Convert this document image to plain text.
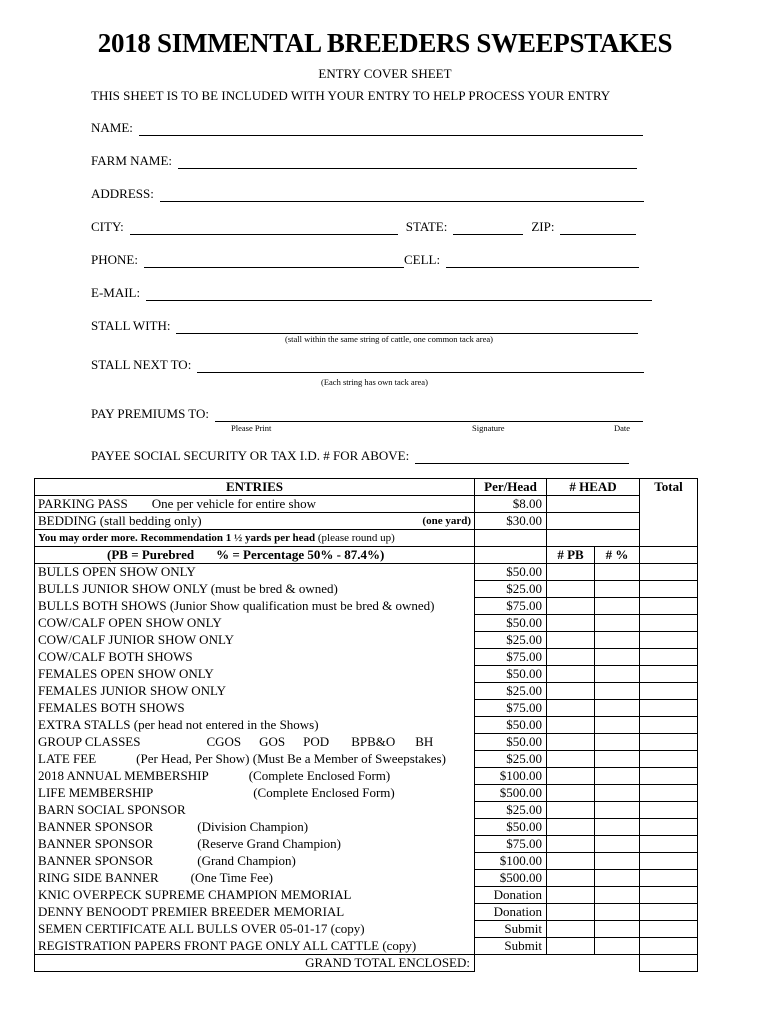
2018 SIMMENTAL BREEDERS SWEEPSTAKES
ENTRY COVER SHEET
THIS SHEET IS TO BE INCLUDED WITH YOUR ENTRY TO HELP PROCESS YOUR ENTRY
NAME:
FARM NAME:
ADDRESS:
CITY:	STATE:	ZIP:
PHONE:	CELL:
E-MAIL:
STALL WITH:
(stall within the same string of cattle, one common tack area)
STALL NEXT TO:
(Each string has own tack area)
PAY PREMIUMS TO:
Please Print	Signature	Date
PAYEE SOCIAL SECURITY OR TAX I.D. # FOR ABOVE:
ENTRIES	Per/Head	# HEAD		Total
PARKING PASS One per vehicle for entire show	$8.00			
BEDDING (stall bedding only) (one yard)	$30.00			
You may order more. Recommendation 1 ½ yards per head (please round up)				
(PB = Purebred % = Percentage 50% - 87.4%)		# PB	# %	
BULLS OPEN SHOW ONLY	$50.00			
BULLS JUNIOR SHOW ONLY (must be bred & owned)	$25.00			
BULLS BOTH SHOWS (Junior Show qualification must be bred & owned)	$75.00			
COW/CALF OPEN SHOW ONLY	$50.00			
COW/CALF JUNIOR SHOW ONLY	$25.00			
COW/CALF BOTH SHOWS	$75.00			
FEMALES OPEN SHOW ONLY	$50.00			
FEMALES JUNIOR SHOW ONLY	$25.00			
FEMALES BOTH SHOWS	$75.00			
EXTRA STALLS (per head not entered in the Shows)	$50.00			
GROUP CLASSES CGOS GOS POD BPB&O BH	$50.00			
LATE FEE (Per Head, Per Show) (Must Be a Member of Sweepstakes)	$25.00			
2018 ANNUAL MEMBERSHIP (Complete Enclosed Form)	$100.00			
LIFE MEMBERSHIP (Complete Enclosed Form)	$500.00			
BARN SOCIAL SPONSOR	$25.00			
BANNER SPONSOR (Division Champion)	$50.00			
BANNER SPONSOR (Reserve Grand Champion)	$75.00			
BANNER SPONSOR (Grand Champion)	$100.00			
RING SIDE BANNER (One Time Fee)	$500.00			
KNIC OVERPECK SUPREME CHAMPION MEMORIAL	Donation			
DENNY BENOODT PREMIER BREEDER MEMORIAL	Donation			
SEMEN CERTIFICATE ALL BULLS OVER 05-01-17 (copy)	Submit			
REGISTRATION PAPERS FRONT PAGE ONLY ALL CATTLE (copy)	Submit			
GRAND TOTAL ENCLOSED:				
